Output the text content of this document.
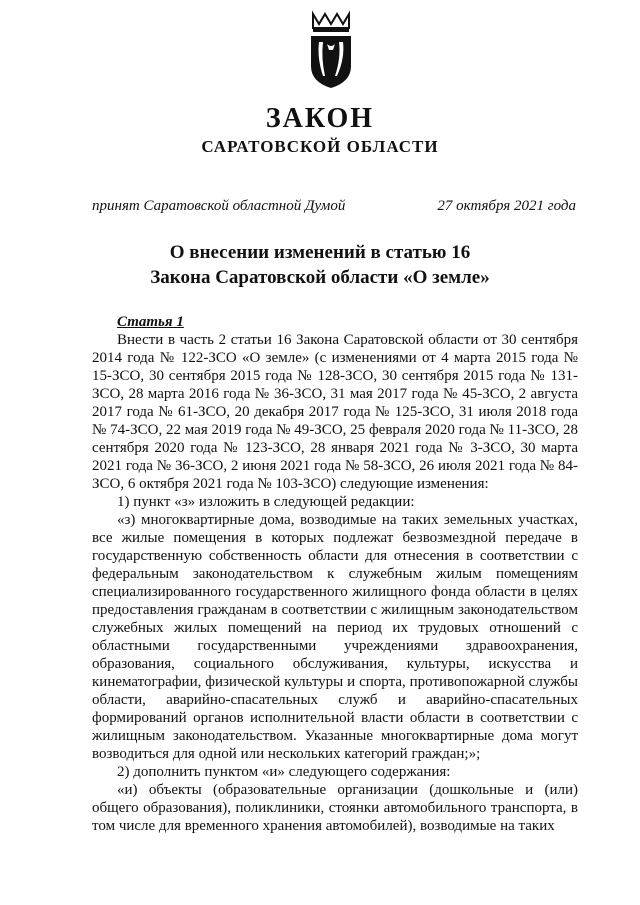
ЗАКОН
САРАТОВСКОЙ ОБЛАСТИ
принят Саратовской областной Думой	27 октября 2021 года
О внесении изменений в статью 16
Закона Саратовской области «О земле»
Статья 1

Внести в часть 2 статьи 16 Закона Саратовской области от 30 сентября 2014 года № 122-ЗСО «О земле» (с изменениями от 4 марта 2015 года № 15-ЗСО, 30 сентября 2015 года № 128-ЗСО, 30 сентября 2015 года № 131-ЗСО, 28 марта 2016 года № 36-ЗСО, 31 мая 2017 года № 45-ЗСО, 2 августа 2017 года № 61-ЗСО, 20 декабря 2017 года № 125-ЗСО, 31 июля 2018 года № 74-ЗСО, 22 мая 2019 года № 49-ЗСО, 25 февраля 2020 года № 11-ЗСО, 28 сентября 2020 года № 123-ЗСО, 28 января 2021 года № 3-ЗСО, 30 марта 2021 года № 36-ЗСО, 2 июня 2021 года № 58-ЗСО, 26 июля 2021 года № 84-ЗСО, 6 октября 2021 года № 103-ЗСО) следующие изменения:

1) пункт «з» изложить в следующей редакции:

«з) многоквартирные дома, возводимые на таких земельных участках, все жилые помещения в которых подлежат безвозмездной передаче в государственную собственность области для отнесения в соответствии с федеральным законодательством к служебным жилым помещениям специализированного государственного жилищного фонда области в целях предоставления гражданам в соответствии с жилищным законодательством служебных жилых помещений на период их трудовых отношений с областными государственными учреждениями здравоохранения, образования, социального обслуживания, культуры, искусства и кинематографии, физической культуры и спорта, противопожарной службы области, аварийно-спасательных служб и аварийно-спасательных формирований органов исполнительной власти области в соответствии с жилищным законодательством. Указанные многоквартирные дома могут возводиться для одной или нескольких категорий граждан;»;

2) дополнить пунктом «и» следующего содержания:

«и) объекты (образовательные организации (дошкольные и (или) общего образования), поликлиники, стоянки автомобильного транспорта, в том числе для временного хранения автомобилей), возводимые на таких
